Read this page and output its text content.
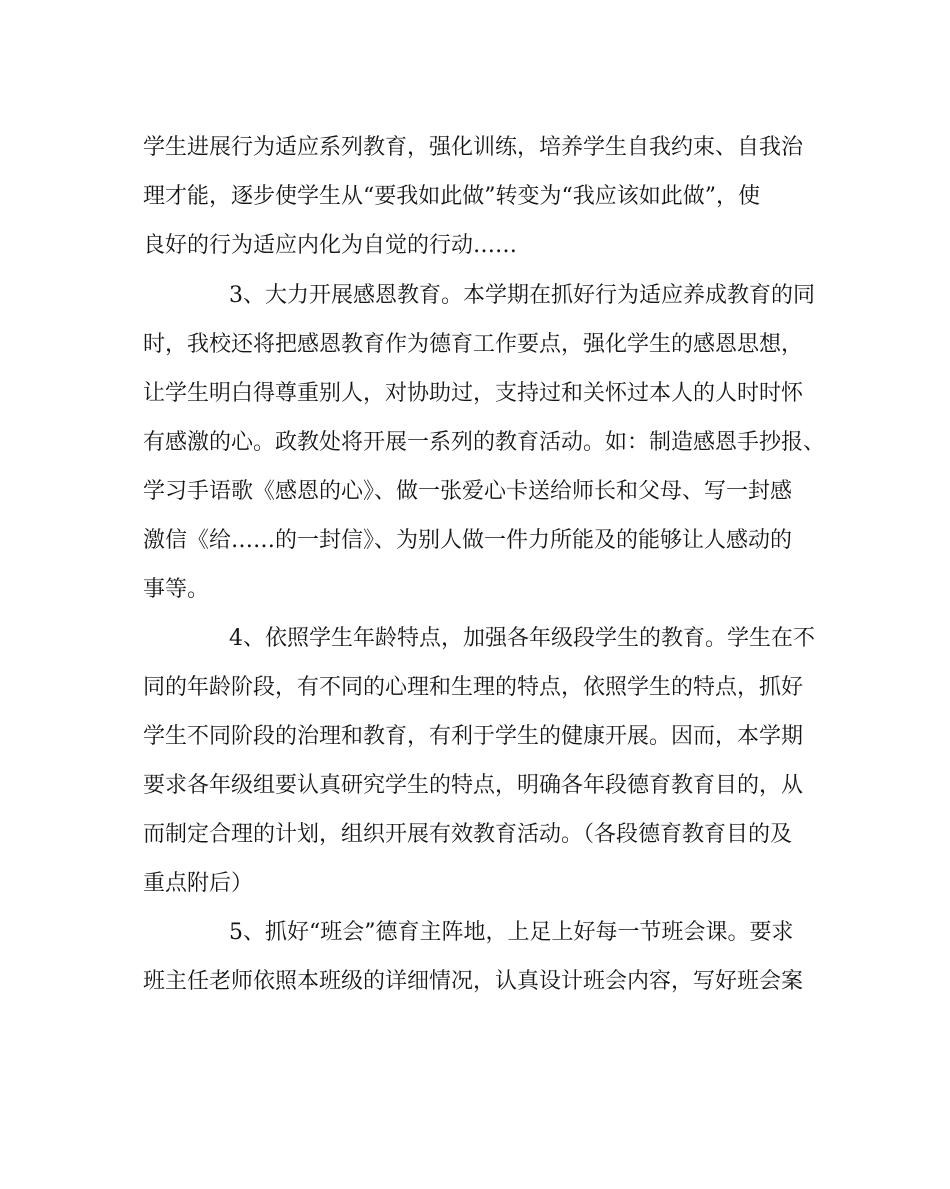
学生进展行为适应系列教育，强化训练，培养学生自我约束、自我治
理才能，逐步使学生从“要我如此做”转变为“我应该如此做”，使
良好的行为适应内化为自觉的行动……
3、大力开展感恩教育。本学期在抓好行为适应养成教育的同
时，我校还将把感恩教育作为德育工作要点，强化学生的感恩思想，
让学生明白得尊重别人，对协助过，支持过和关怀过本人的人时时怀
有感激的心。政教处将开展一系列的教育活动。如：制造感恩手抄报、
学习手语歌《感恩的心》、做一张爱心卡送给师长和父母、写一封感
激信《给……的一封信》、为别人做一件力所能及的能够让人感动的
事等。
4、依照学生年龄特点，加强各年级段学生的教育。学生在不
同的年龄阶段，有不同的心理和生理的特点，依照学生的特点，抓好
学生不同阶段的治理和教育，有利于学生的健康开展。因而，本学期
要求各年级组要认真研究学生的特点，明确各年段德育教育目的，从
而制定合理的计划，组织开展有效教育活动。（各段德育教育目的及
重点附后）
5、抓好“班会”德育主阵地，上足上好每一节班会课。要求
班主任老师依照本班级的详细情况，认真设计班会内容，写好班会案
